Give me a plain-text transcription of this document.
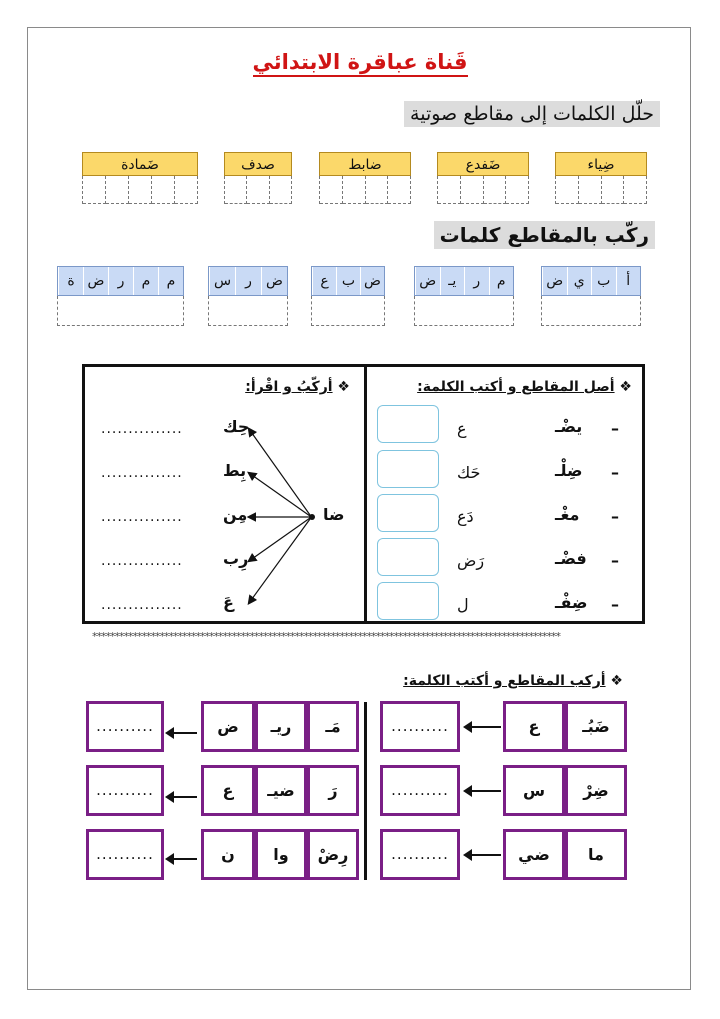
قَناة عباقرة الابتدائي
حلّل الكلمات إلى مقاطع صوتية
ضِياء
ضَفدع
ضابط
صدف
ضَمادة
ركّب بالمقاطع كلمات
أ
ب
ي
ض
م
ر
يـ
ض
ض
ب
ع
ض
ر
س
م
م
ر
ض
ة
❖ أصل المقاطع و أكتب الكلمة:
❖ أركّبُ و اقْرأ:
–
–
–
–
–
يضْـ
ضِلْـ
مغْـ
فضْـ
ضِفْـ
ع
حَك
دَع
رَض
ل
ضا
حِك
بِط
مِن
رِب
عَ
...............
...............
...............
...............
...............
********************************************************************************************************
❖ أركب المقاطع و أكتب الكلمة:
ضَبُـ
ع
..........
ضِرْ
س
..........
ما
ضي
..........
مَـ
ريـ
ض
..........
رَ
ضيـ
ع
..........
رِضْ
وا
ن
..........
